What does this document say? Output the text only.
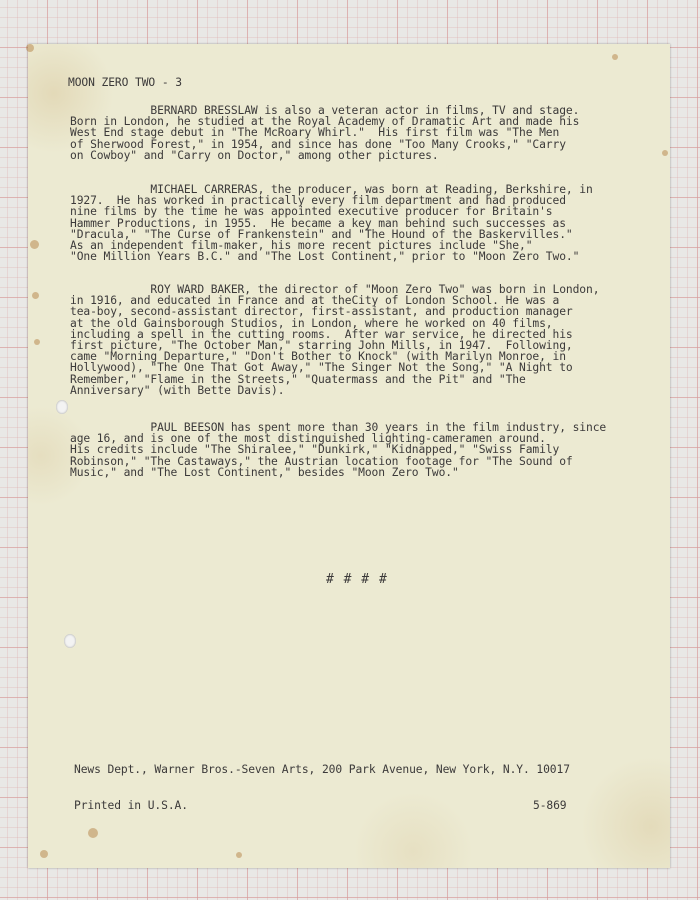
MOON ZERO TWO - 3
BERNARD BRESSLAW is also a veteran actor in films, TV and stage.
Born in London, he studied at the Royal Academy of Dramatic Art and made his
West End stage debut in "The McRoary Whirl."  His first film was "The Men
of Sherwood Forest," in 1954, and since has done "Too Many Crooks," "Carry
on Cowboy" and "Carry on Doctor," among other pictures.
MICHAEL CARRERAS, the producer, was born at Reading, Berkshire, in
1927.  He has worked in practically every film department and had produced
nine films by the time he was appointed executive producer for Britain's
Hammer Productions, in 1955.  He became a key man behind such successes as
"Dracula," "The Curse of Frankenstein" and "The Hound of the Baskervilles."
As an independent film-maker, his more recent pictures include "She,"
"One Million Years B.C." and "The Lost Continent," prior to "Moon Zero Two."
ROY WARD BAKER, the director of "Moon Zero Two" was born in London,
in 1916, and educated in France and at theCity of London School. He was a
tea-boy, second-assistant director, first-assistant, and production manager
at the old Gainsborough Studios, in London, where he worked on 40 films,
including a spell in the cutting rooms.  After war service, he directed his
first picture, "The October Man," starring John Mills, in 1947.  Following,
came "Morning Departure," "Don't Bother to Knock" (with Marilyn Monroe, in
Hollywood), "The One That Got Away," "The Singer Not the Song," "A Night to
Remember," "Flame in the Streets," "Quatermass and the Pit" and "The
Anniversary" (with Bette Davis).
PAUL BEESON has spent more than 30 years in the film industry, since
age 16, and is one of the most distinguished lighting-cameramen around.
His credits include "The Shiralee," "Dunkirk," "Kidnapped," "Swiss Family
Robinson," "The Castaways," the Austrian location footage for "The Sound of
Music," and "The Lost Continent," besides "Moon Zero Two."
# # # #
News Dept., Warner Bros.-Seven Arts, 200 Park Avenue, New York, N.Y. 10017
Printed in U.S.A.	5-869
